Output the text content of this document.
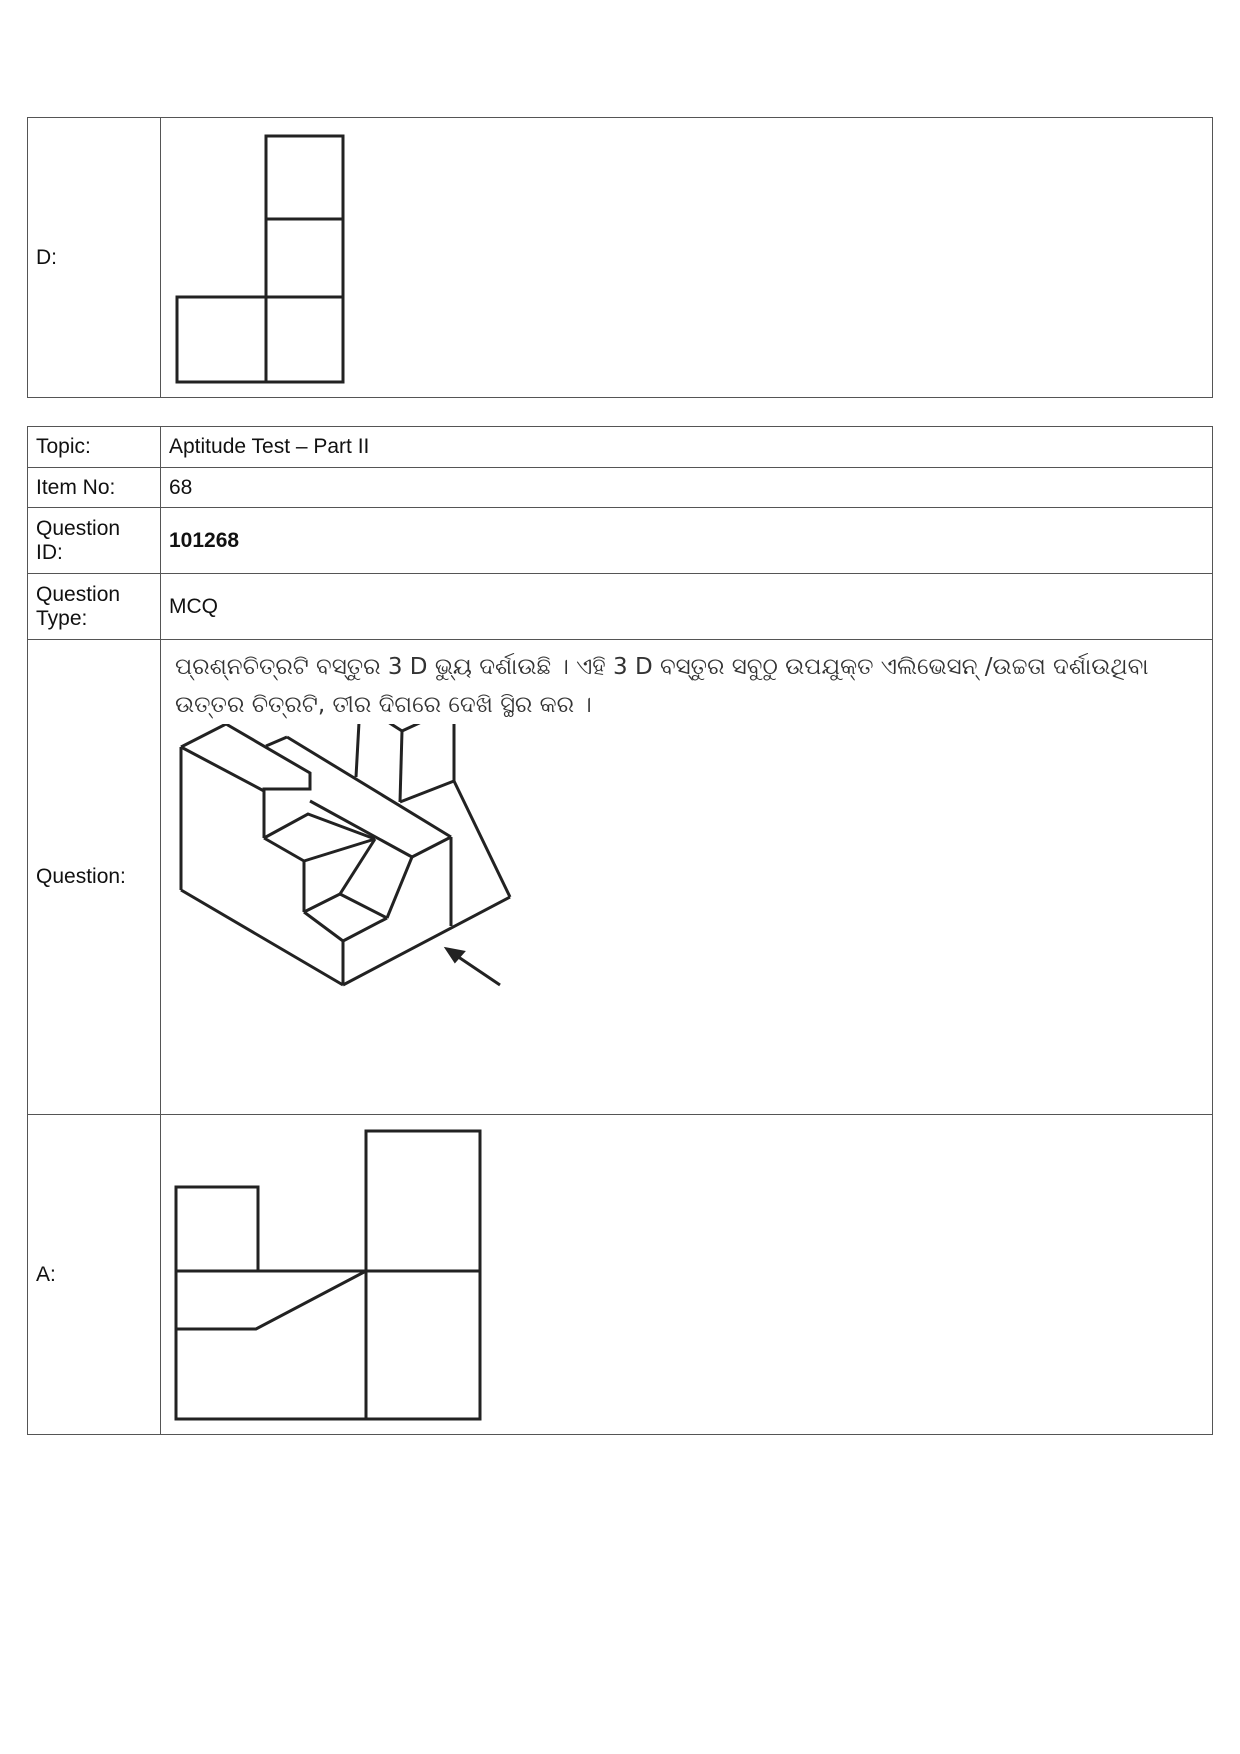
D:	
Topic:	Aptitude Test – Part II
Item No:	68
Question ID:	101268
Question Type:	MCQ
Question:	ପ୍ରଶ୍ନଚିତ୍ରଟି ବସ୍ତୁର 3 D ଭ୍ୟୁ ଦର୍ଶାଉଛି । ଏହି 3 D ବସ୍ତୁର ସବୁଠୁ ଉପଯୁକ୍ତ ଏଲିଭେସନ୍ /ଉଚ୍ଚତା ଦର୍ଶାଉଥିବା ଉତ୍ତର ଚିତ୍ରଟି, ତୀର ଦିଗରେ ଦେଖି ସ୍ଥିର କର ।

A:	
